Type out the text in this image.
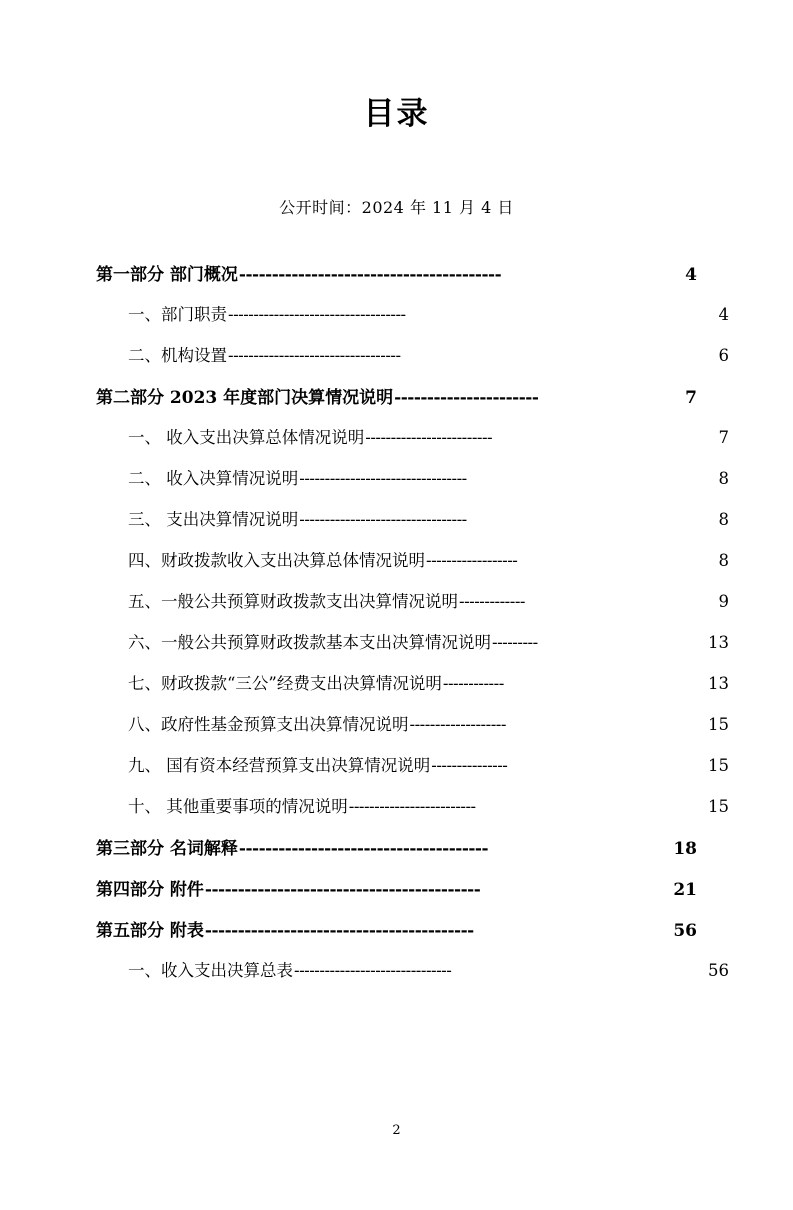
目录
公开时间：2024 年 11 月 4 日
第一部分 部门概况 ----------------------------------------	4
一、部门职责 -----------------------------------	4
二、机构设置 ----------------------------------	6
第二部分 2023 年度部门决算情况说明 ----------------------	7
一、 收入支出决算总体情况说明 -------------------------	7
二、 收入决算情况说明 ---------------------------------	8
三、 支出决算情况说明 ---------------------------------	8
四、财政拨款收入支出决算总体情况说明 ------------------	8
五、一般公共预算财政拨款支出决算情况说明 -------------	9
六、一般公共预算财政拨款基本支出决算情况说明 ---------	13
七、财政拨款“三公”经费支出决算情况说明 ------------	13
八、政府性基金预算支出决算情况说明 -------------------	15
九、 国有资本经营预算支出决算情况说明 ---------------	15
十、 其他重要事项的情况说明 -------------------------	15
第三部分 名词解释 --------------------------------------	18
第四部分 附件 ------------------------------------------	21
第五部分 附表 -----------------------------------------	56
一、收入支出决算总表 -------------------------------	56
2
